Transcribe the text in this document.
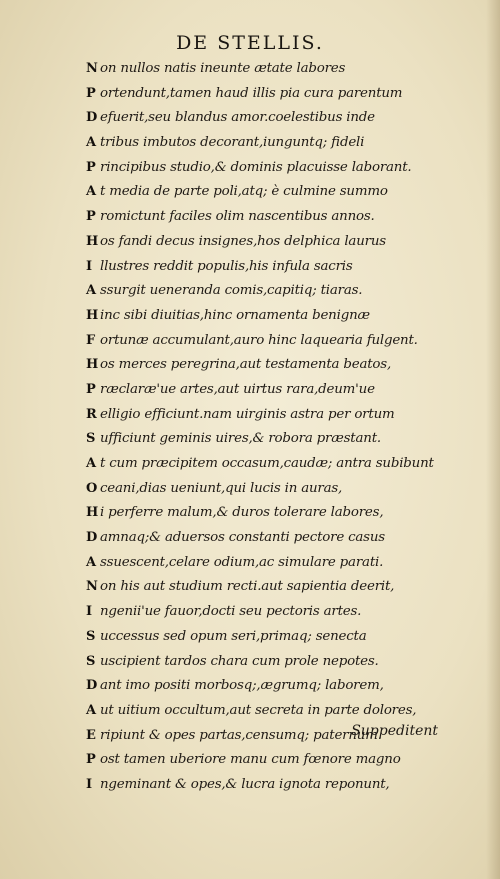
DE STELLIS.
N on nullos natis ineunte ætate labores
P ortendunt,tamen haud illis pia cura parentum
D efuerit,seu blandus amor.coelestibus inde
A tribus imbutos decorant,iunguntq; fideli
P rincipibus studio,& dominis placuisse laborant.
A t media de parte poli,atq; è culmine summo
P romictunt faciles olim nascentibus annos.
H os fandi decus insignes,hos delphica laurus
I llustres reddit populis,his infula sacris
A ssurgit ueneranda comis,capitiq; tiaras.
H inc sibi diuitias,hinc ornamenta benignæ
F ortunæ accumulant,auro hinc laquearia fulgent.
H os merces peregrina,aut testamenta beatos,
P ræclaræ'ue artes,aut uirtus rara,deum'ue
R elligio efficiunt.nam uirginis astra per ortum
S ufficiunt geminis uires,& robora præstant.
A t cum præcipitem occasum,caudæ; antra subibunt
O ceani,dias ueniunt,qui lucis in auras,
H i perferre malum,& duros tolerare labores,
D amnaq;& aduersos constanti pectore casus
A ssuescent,celare odium,ac simulare parati.
N on his aut studium recti.aut sapientia deerit,
I ngenii'ue fauor,docti seu pectoris artes.
S uccessus sed opum seri,primaq; senecta
S uscipient tardos chara cum prole nepotes.
D ant imo positi morbosq;,ægrumq; laborem,
A ut uitium occultum,aut secreta in parte dolores,
E ripiunt & opes partas,censumq; paternum.
P ost tamen uberiore manu cum fœnore magno
I ngeminant & opes,& lucra ignota reponunt,
Suppeditent
